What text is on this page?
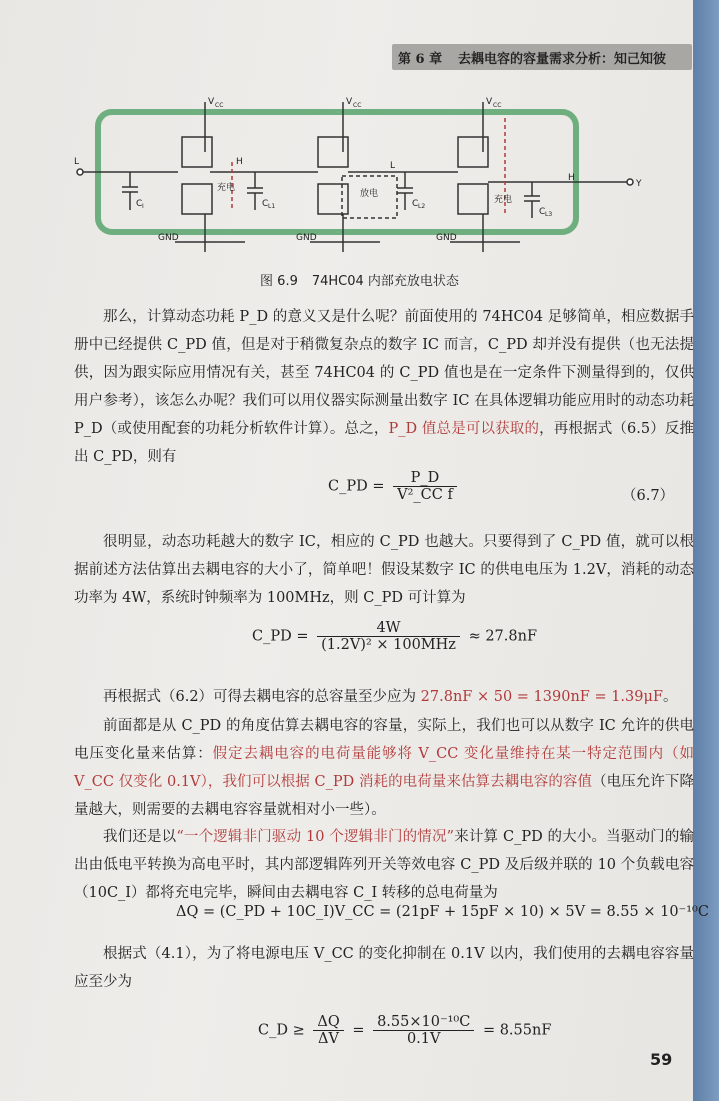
第 6 章 去耦电容的容量需求分析：知己知彼
V	V	V
CC	CC	CC
L	H	L
H
Y
充电
放电
充电
C I	C L1	C L2
C L3
GND	GND	GND
图 6.9 74HC04 内部充放电状态
那么，计算动态功耗 P_D 的意义又是什么呢？前面使用的 74HC04 足够简单，相应数据手册中已经提供 C_PD 值，但是对于稍微复杂点的数字 IC 而言，C_PD 却并没有提供（也无法提供，因为跟实际应用情况有关，甚至 74HC04 的 C_PD 值也是在一定条件下测量得到的，仅供用户参考），该怎么办呢？我们可以用仪器实际测量出数字 IC 在具体逻辑功能应用时的动态功耗 P_D（或使用配套的功耗分析软件计算）。总之，P_D 值总是可以获取的，再根据式（6.5）反推出 C_PD，则有
C_PD = $\frac{P\_D}{\text{V²\_CC f}}$	（6.7）
很明显，动态功耗越大的数字 IC，相应的 C_PD 也越大。只要得到了 C_PD 值，就可以根据前述方法估算出去耦电容的大小了，简单吧！假设某数字 IC 的供电电压为 1.2V，消耗的动态功率为 4W，系统时钟频率为 100MHz，则 C_PD 可计算为
C_PD = $\frac{4W}{\text{(1.2V)² × 100MHz}} \approx 27.8nF$
再根据式（6.2）可得去耦电容的总容量至少应为 27.8nF × 50 = 1390nF = 1.39μF。
前面都是从 C_PD 的角度估算去耦电容的容量，实际上，我们也可以从数字 IC 允许的供电电压变化量来估算：假定去耦电容的电荷量能够将 V_CC 变化量维持在某一特定范围内（如 V_CC 仅变化 0.1V），我们可以根据 C_PD 消耗的电荷量来估算去耦电容的容值（电压允许下降量越大，则需要的去耦电容容量就相对小一些）。
我们还是以“一个逻辑非门驱动 10 个逻辑非门的情况”来计算 C_PD 的大小。当驱动门的输出由低电平转换为高电平时，其内部逻辑阵列开关等效电容 C_PD 及后级并联的 10 个负载电容（10C_I）都将充电完毕，瞬间由去耦电容 C_I 转移的总电荷量为
ΔQ = (C_PD + 10C_I)V_CC = (21pF + 15pF × 10) × 5V = 8.55 × 10⁻¹⁰C
根据式（4.1），为了将电源电压 V_CC 的变化抑制在 0.1V 以内，我们使用的去耦电容容量应至少为
C_D ≥ $\frac{\Delta Q}{\Delta V} = \frac{\text{8.55×10⁻¹⁰C}}{0.1V} = 8.55nF$
59
